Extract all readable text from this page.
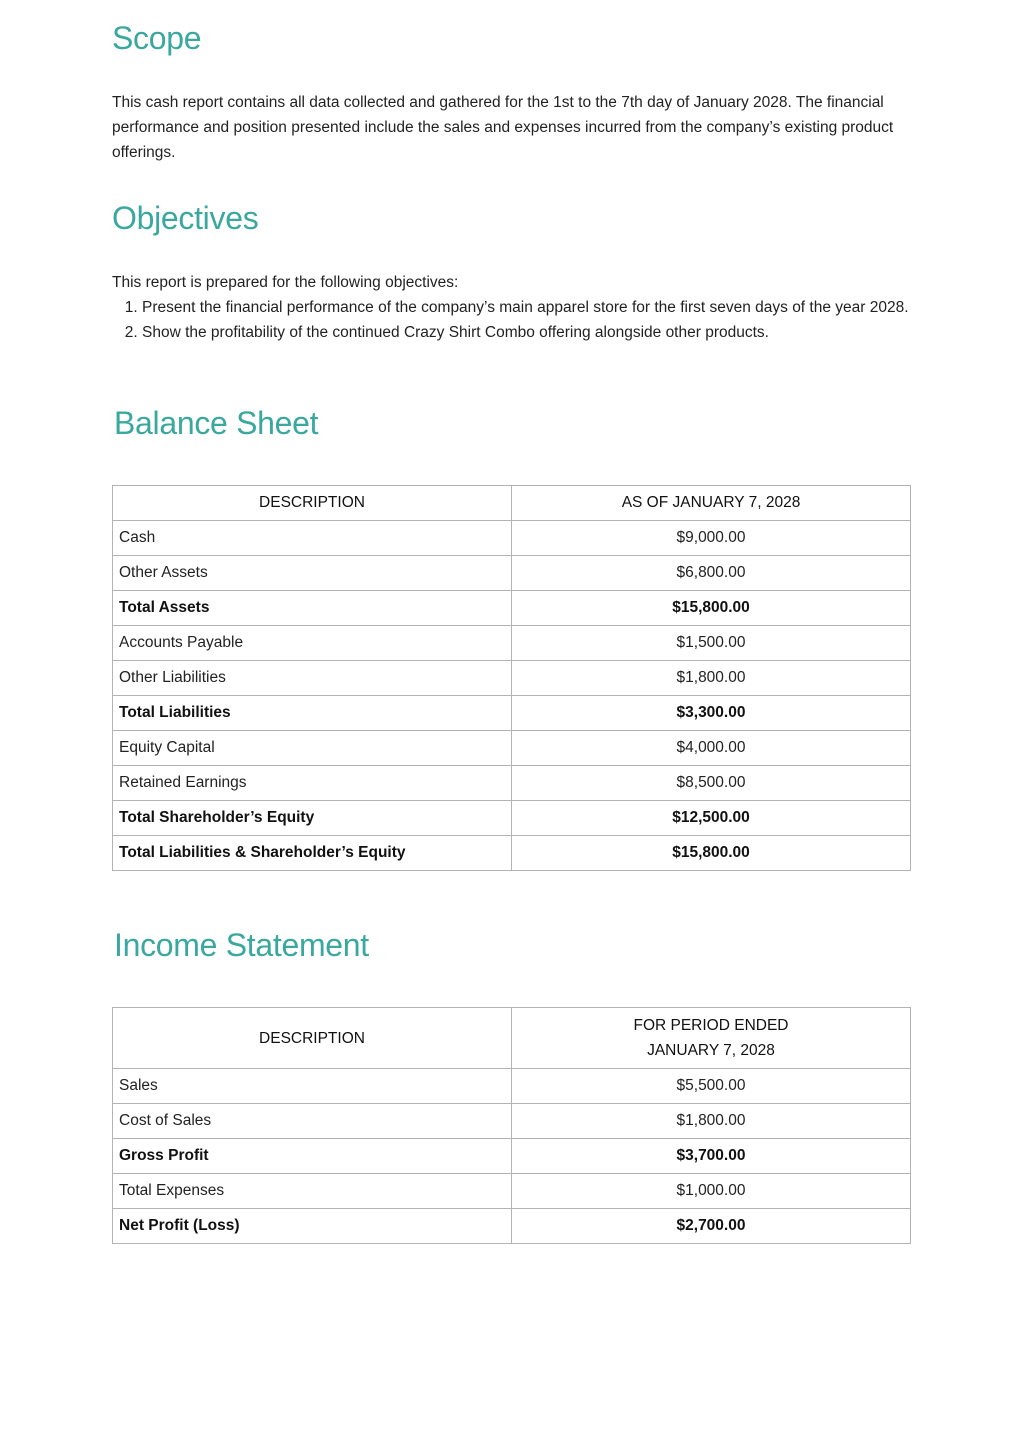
Scope

This cash report contains all data collected and gathered for the 1st to the 7th day of January 2028. The financial performance and position presented include the sales and expenses incurred from the company’s existing product offerings.

Objectives

This report is prepared for the following objectives:

1. Present the financial performance of the company’s main apparel store for the first seven days of the year 2028.
2. Show the profitability of the continued Crazy Shirt Combo offering alongside other products.
Balance Sheet
DESCRIPTION	AS OF JANUARY 7, 2028
Cash	$9,000.00
Other Assets	$6,800.00
Total Assets	$15,800.00
Accounts Payable	$1,500.00
Other Liabilities	$1,800.00
Total Liabilities	$3,300.00
Equity Capital	$4,000.00
Retained Earnings	$8,500.00
Total Shareholder’s Equity	$12,500.00
Total Liabilities & Shareholder’s Equity	$15,800.00
Income Statement
DESCRIPTION	FOR PERIOD ENDED
JANUARY 7, 2028

Sales	$5,500.00
Cost of Sales	$1,800.00
Gross Profit	$3,700.00
Total Expenses	$1,000.00
Net Profit (Loss)	$2,700.00
